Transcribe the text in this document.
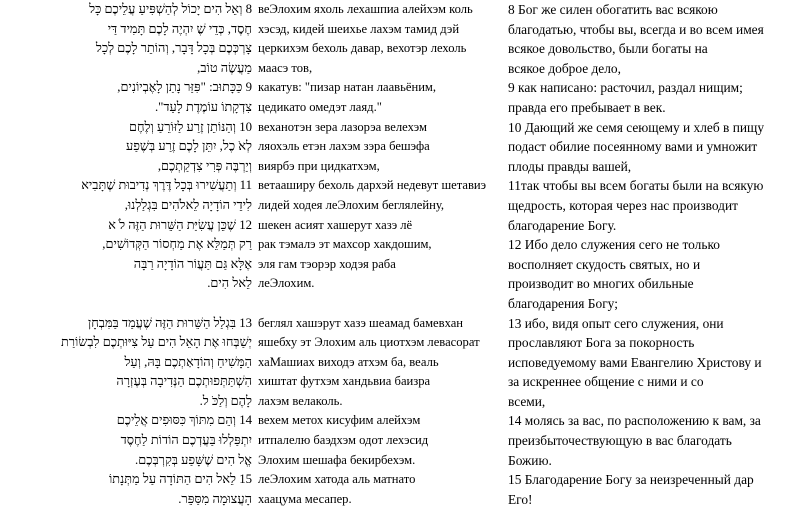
8 וְאֵל הִים יָכוֹל לְהַשְׁפִּיעַ עֲלֵיכֶם כָּל
חֶסֶד, כְּדֵי שֶׁ יִהְיֶה לָכֶם תָּמִיד דַּי
צָרְכְּכֶם בְּכָל דָּבָר, וְהוֹתֵר לָכֶם לְכָל
מַעֲשֶׂה טוֹב,
9 כַּכָּתוּב: "פִּזַּר נָתַן לָאֶבְיוֹנִים,
צִדְקָתוֹ עוֹמֶדֶת לָעַד".
10 וְהַנּוֹתֵן זֶרַע לַזּוֹרֵעַ וְלֶחֶם
לְאֹ כֶל, יִתֵּן לָכֶם זֶרַע בְּשֶׁפַע
וְיַרְבֶּה פְּרִי צִדְקַתְכֶם,
11 וְתַעֲשִׁירוּ בְּכָל דֶּרֶךְ נְדִיבוּת שֶׁתָּבִיא
לִידֵי הוֹדָיָה לֵאלֹהִים בִּגְלַלְנוּ,
12 שֶׁכֵּן עֲשִׂיַּת הַשֵּׁרוּת הַזֶּה לֹ א
רַק תְּמַלֵּא אֶת מַחְסוֹר הַקְּדוֹשִׁים,
אֶלָּא גַּם תַּעֲוֹר הוֹדָיָה רַבָּה
לֵאל הִים.
13 בִּגְלַל הַשֵּׁרוּת הַזֶּה שֶׁעֲמַד בַּמִּבְחָן
יְשַׁבְּחוּ אֶת הָאֵל הִים עַל צִיּוּתְכֶם לִבְשׂוֹרַת
הַמָּשִׁיחַ וְהוֹדָאַתְכֶם בָּהּ, וְעַל
הִשְׁתַּתְּפוּתְכֶם הַנְּדִיבָה בְּעֶזְרָה
לָהֶם וְלַכֹּ ל.
14 וְהֵם מִתּוֹךְ כִּסּוּפִים אֲלֵיכֶם
יִתְפַּלְלוּ בַּעֲדְכֶם הוֹדוֹת לַחֶסֶד
אֱל הִים שֶׁשָּׁפַע בְּקִרְבְּכֶם.
15 לֵאל הִים הַתּוֹדָה עַל מַתְּנָתוֹ
הָעֲצוּמָה מִסַּפֵּר.
веЭлохим яхоль лехашпиа алейхэм коль
хэсэд, кидей шеихье лахэм тамид дэй
церкихэм бехоль давар, вехотэр лехоль
маасэ тов,
какатув: "пизар натан лаавьёним,
цедикато омедэт лаяд."
веханотэн зера лазорэа велехэм
ляохэль етэн лахэм зэра бешэфа
виярбэ при цидкатхэм,
ветааширу бехоль дархэй недевут шетавиэ
лидей ходея леЭлохим беглялейну,
шекен асият хашерут хазэ лё
рак тэмалэ эт махсор хакдошим,
эля гам тэорэр ходэя раба
леЭлохим.
беглял хашэрут хазэ шеамад бамевхан
яшебху эт Элохим аль циотхэм левасорат
хаМашиах виходэ атхэм ба, веаль
хиштат футхэм хандьвиа баизра
лахэм велаколь.
вехем метох кисуфим алейхэм
итпалелю баэдхэм одот лехэсид
Элохим шешафа бекирбехэм.
леЭлохим хатода аль матнато
хаацума месапер.
8 Бог же силен обогатить вас всякою
благодатью, чтобы вы, всегда и во всем имея
всякое довольство, были богаты на
всякое доброе дело,
9 как написано: расточил, раздал нищим;
правда его пребывает в век.
10 Дающий же семя сеющему и хлеб в пищу
подаст обилие посеянному вами и умножит
плоды правды вашей,
11так чтобы вы всем богаты были на всякую
щедрость, которая через нас производит
благодарение Богу.
12 Ибо дело служения сего не только
восполняет скудость святых, но и
производит во многих обильные
благодарения Богу;
13 ибо, видя опыт сего служения, они
прославляют Бога за покорность
исповедуемому вами Евангелию Христову и
за искреннее общение с ними и со
всеми,
14 молясь за вас, по расположению к вам, за
преизбыточествующую в вас благодать
Божию.
15 Благодарение Богу за неизреченный дар
Его!
